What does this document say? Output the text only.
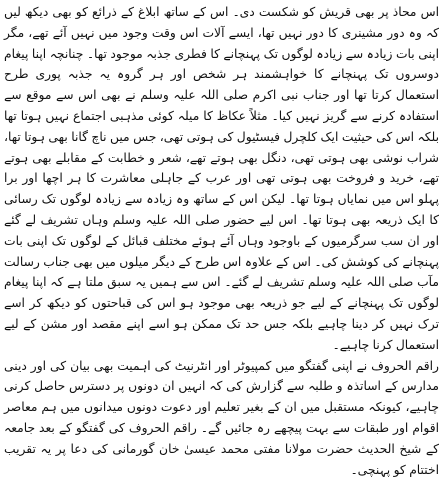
اس محاذ پر بھی قریش کو شکست دی۔ اس کے ساتھ ابلاغ کے ذرائع کو بھی دیکھ لیں کہ وہ دور مشینری کا دور نہیں تھا، ایسے آلات اس وقت وجود میں نہیں آئے تھے، مگر اپنی بات زیادہ سے زیادہ لوگوں تک پہنچانے کا فطری جذبہ موجود تھا۔ چنانچہ اپنا پیغام دوسروں تک پہنچانے کا خواہشمند ہر شخص اور ہر گروہ یہ جذبہ پوری طرح استعمال کرتا تھا اور جناب نبی اکرم صلی اللہ علیہ وسلم نے بھی اس سے موقع سے استفادہ کرنے سے گریز نہیں کیا۔ مثلاً عکاظ کا میلہ کوئی مذہبی اجتماع نہیں ہوتا تھا بلکہ اس کی حیثیت ایک کلچرل فیسٹیول کی ہوتی تھی، جس میں ناچ گانا بھی ہوتا تھا، شراب نوشی بھی ہوتی تھی، دنگل بھی ہوتے تھے، شعر و خطابت کے مقابلے بھی ہوتے تھے، خرید و فروخت بھی ہوتی تھی اور عرب کے جاہلی معاشرت کا ہر اچھا اور برا پہلو اس میں نمایاں ہوتا تھا۔ لیکن اس کے ساتھ وہ زیادہ سے زیادہ لوگوں تک رسائی کا ایک ذریعہ بھی ہوتا تھا۔ اس لیے حضور صلی اللہ علیہ وسلم وہاں تشریف لے گئے اور ان سب سرگرمیوں کے باوجود وہاں آئے ہوئے مختلف قبائل کے لوگوں تک اپنی بات پہنچانے کی کوشش کی۔ اس کے علاوہ اس طرح کے دیگر میلوں میں بھی جناب رسالت مآب صلی اللہ علیہ وسلم تشریف لے گئے۔ اس سے ہمیں یہ سبق ملتا ہے کہ اپنا پیغام لوگوں تک پہنچانے کے لیے جو ذریعہ بھی موجود ہو اس کی قباحتوں کو دیکھ کر اسے ترک نہیں کر دینا چاہیے بلکہ جس حد تک ممکن ہو اسے اپنے مقصد اور مشن کے لیے استعمال کرنا چاہیے۔

راقم الحروف نے اپنی گفتگو میں کمپیوٹر اور انٹرنیٹ کی اہمیت بھی بیان کی اور دینی مدارس کے اساتذہ و طلبہ سے گزارش کی کہ انہیں ان دونوں پر دسترس حاصل کرنی چاہیے، کیونکہ مستقبل میں ان کے بغیر تعلیم اور دعوت دونوں میدانوں میں ہم معاصر اقوام اور طبقات سے بہت پیچھے رہ جائیں گے۔ راقم الحروف کی گفتگو کے بعد جامعہ کے شیخ الحدیث حضرت مولانا مفتی محمد عیسیٰ خان گورمانی کی دعا پر یہ تقریب اختتام کو پہنچی۔
